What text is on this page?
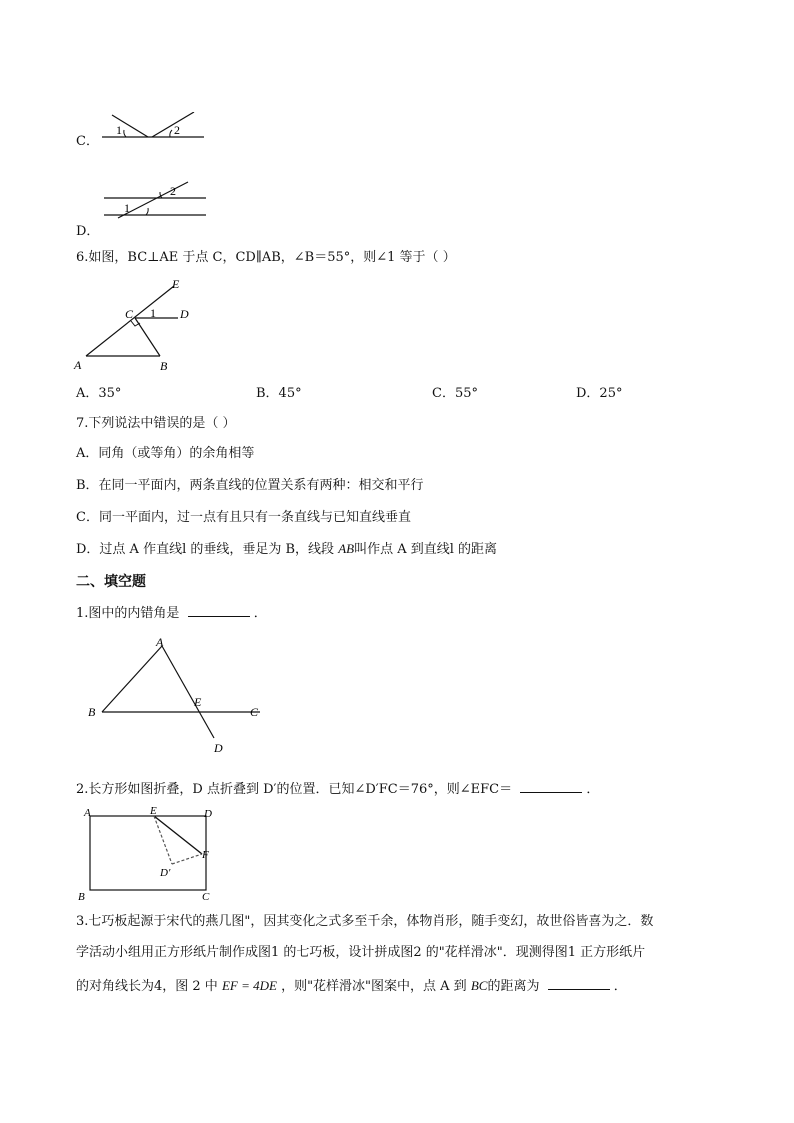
C．
1	2
D．
1
2
6.如图，BC⊥AE 于点 C，CD∥AB，∠B＝55°，则∠1 等于（ ）
A	B
C	D
E
1
A．35°	B．45°	C．55°	D．25°
7.下列说法中错误的是（ ）
A．同角（或等角）的余角相等
B．在同一平面内，两条直线的位置关系有两种：相交和平行
C．同一平面内，过一点有且只有一条直线与已知直线垂直
D．过点 A 作直线l 的垂线，垂足为 B，线段 AB叫作点 A 到直线l 的距离
二、填空题
1.图中的内错角是	．
A
B	C
D
E
2.长方形如图折叠，D 点折叠到 D′的位置．已知∠D′FC＝76°，则∠EFC＝	．
A
B	C
D
E
F
D′
3.七巧板起源于宋代的燕几图"，因其变化之式多至千余，体物肖形，随手变幻，故世俗皆喜为之．数
学活动小组用正方形纸片制作成图1 的七巧板，设计拼成图2 的"花样滑冰"．现测得图1 正方形纸片
的对角线长为4，图 2 中 EF = 4DE ，则"花样滑冰"图案中，点 A 到 BC的距离为	．
